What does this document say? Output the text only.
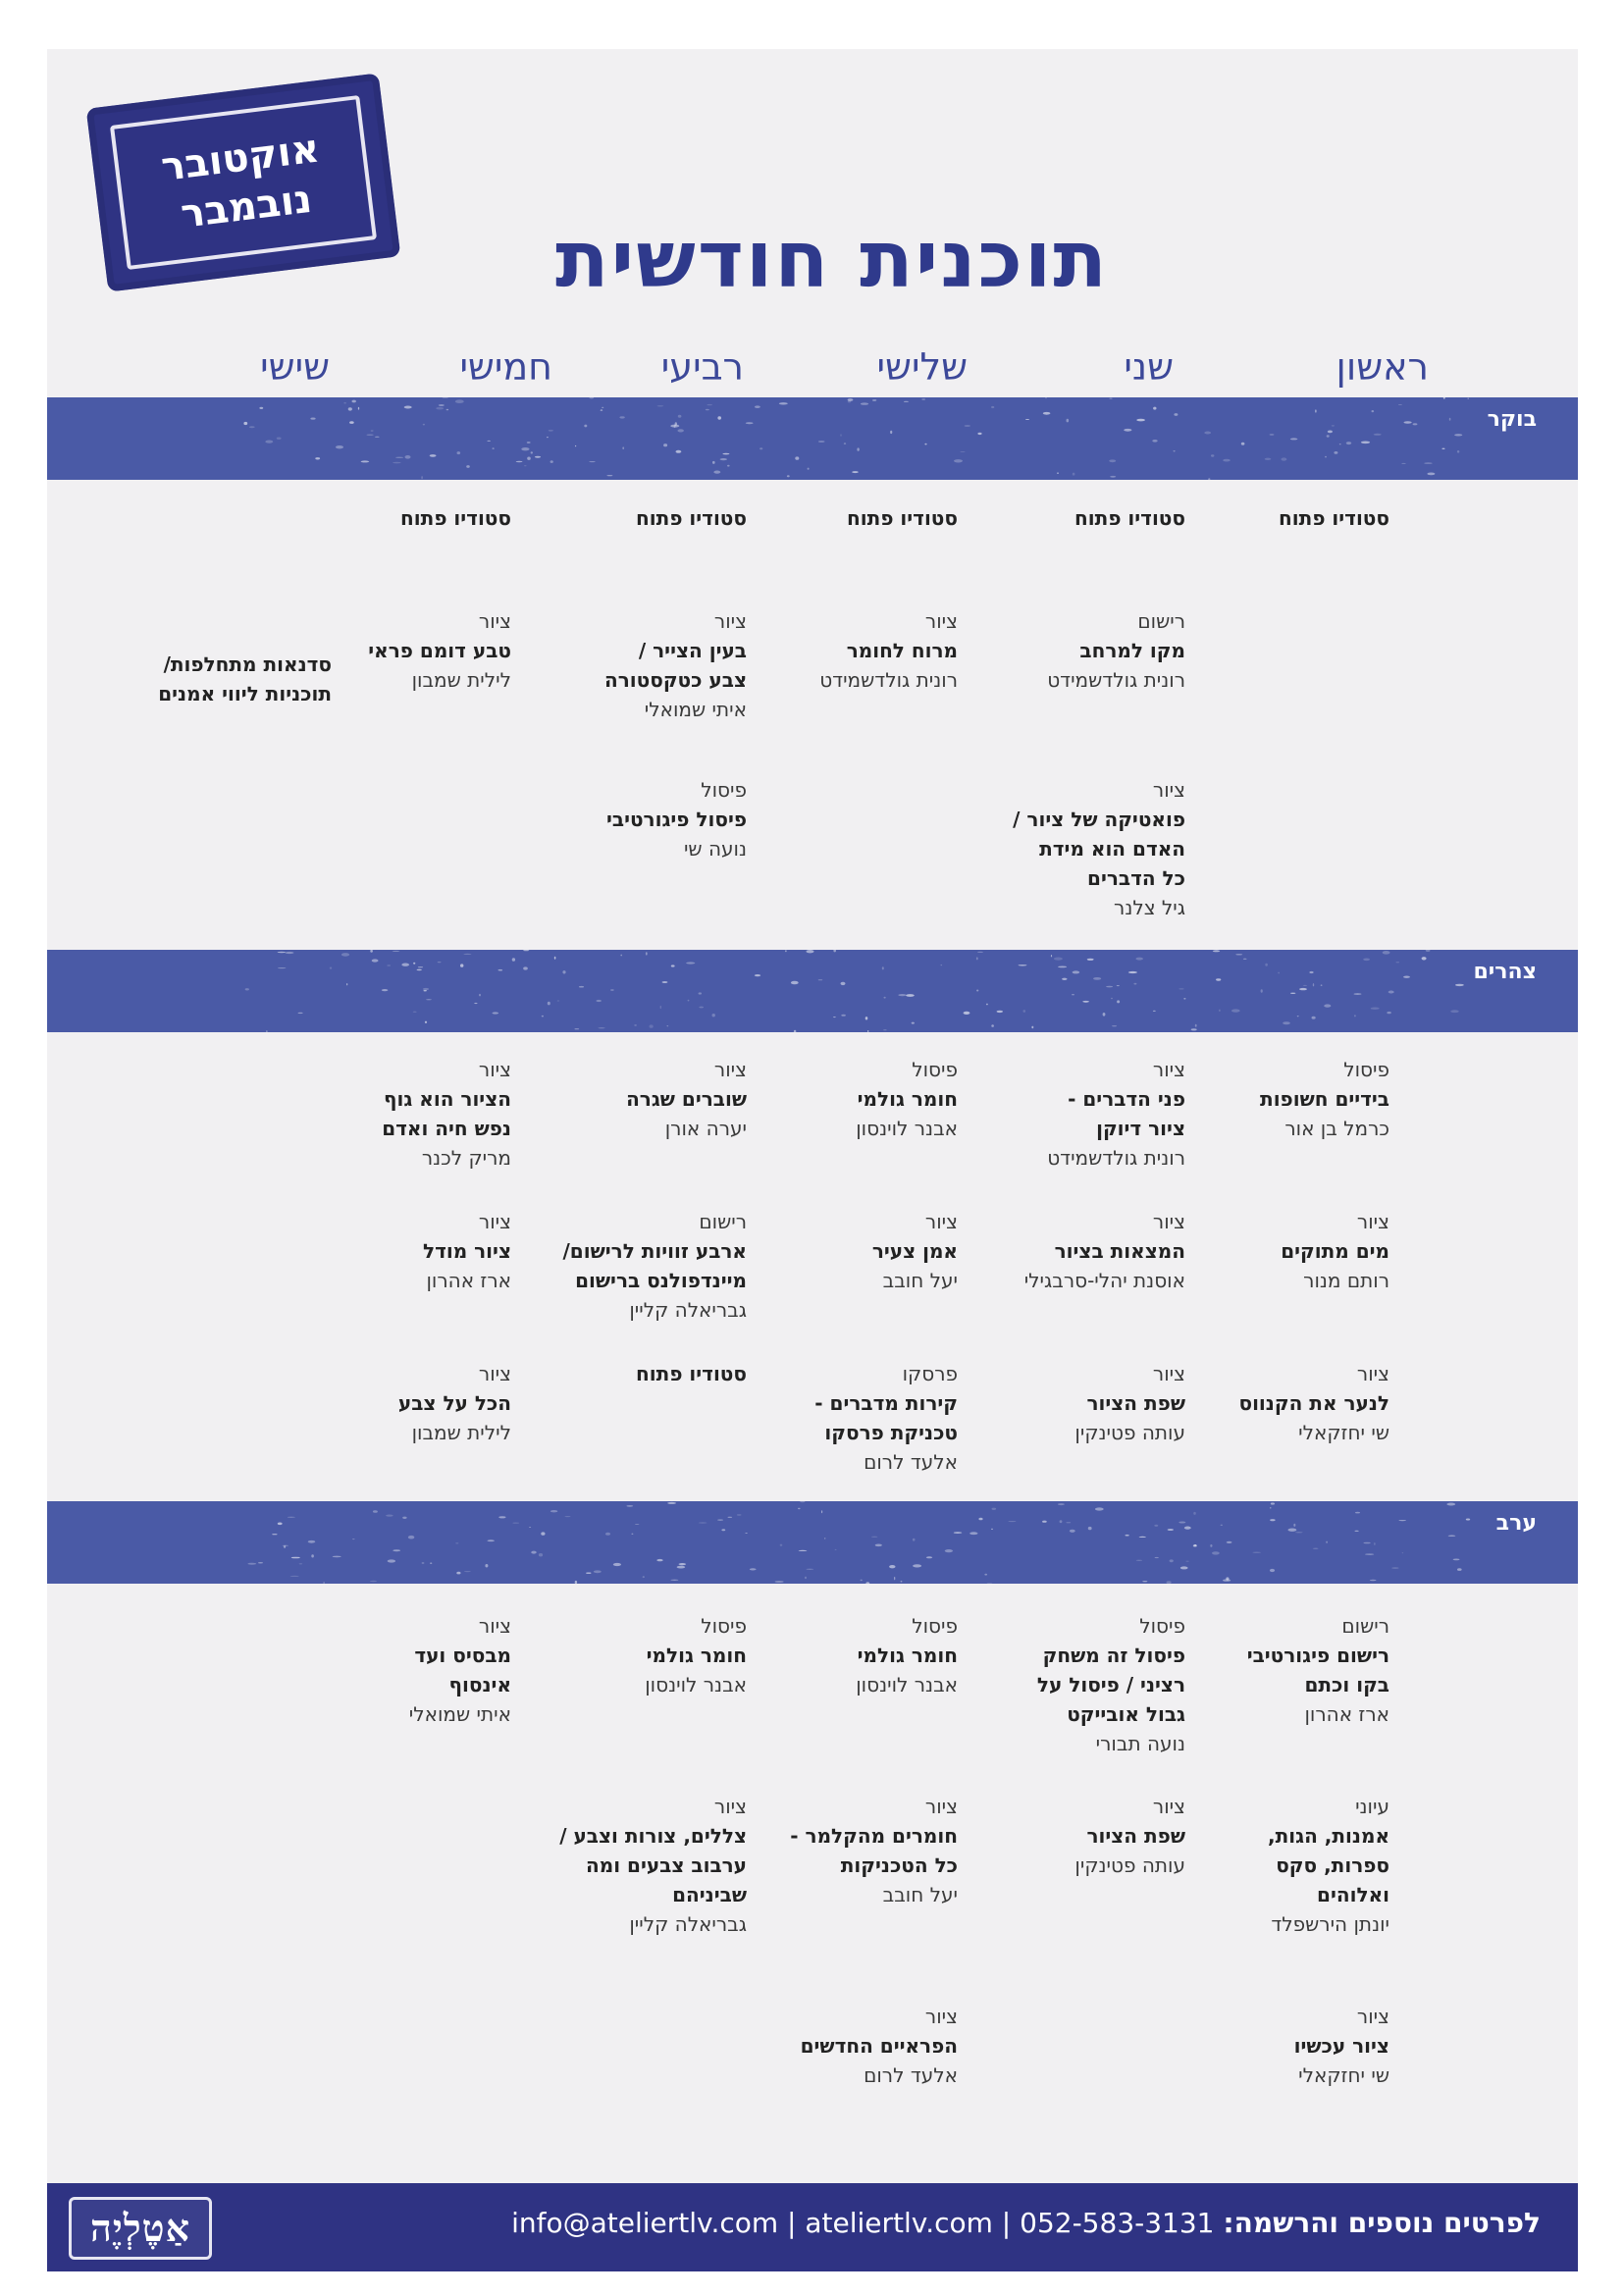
אוקטובר
נובמבר
תוכנית חודשית
ראשון
שני
שלישי
רביעי
חמישי
שישי
בוקר
צהרים
ערב
סטודיו פתוח
סטודיו פתוח
סטודיו פתוח
סטודיו פתוח
סטודיו פתוח
רישום
מקו למרחב
רונית גולדשמידט
ציור
מרוח לחומר
רונית גולדשמידט
ציור
בעין הצייר /
צבע כטקסטורה
איתי שמואלי
ציור
טבע דומם פראי
לילית שמבון
סדנאות מתחלפות/
תוכניות ליווי אמנים
ציור
פואטיקה של ציור /
האדם הוא מידת
כל הדברים
גיל צלנר
פיסול
פיסול פיגורטיבי
נועה שי
פיסול
בידיים חשופות
כרמל בן אור
ציור
פני הדברים -
ציור דיוקן
רונית גולדשמידט
פיסול
חומר גולמי
אבנר לוינסון
ציור
שוברים שגרה
יערה אורן
ציור
הציור הוא גוף
נפש חיה ואדם
מריק לכנר
ציור
מים מתוקים
רותם מנור
ציור
המצאות בציור
אוסנת יהלי-סרבגילי
ציור
אמן צעיר
יעל חובב
רישום
ארבע זוויות לרישום/
מיינדפולנס ברישום
גבריאלה קליין
ציור
ציור מודל
ארז אהרון
ציור
לנער את הקנווס
שי יחזקאלי
ציור
שפת הציור
עותה פטינקין
פרסקו
קירות מדברים -
טכניקת פרסקו
אלעד לרום
סטודיו פתוח
ציור
הכל על צבע
לילית שמבון
רישום
רישום פיגורטיבי
בקו וכתם
ארז אהרון
פיסול
פיסול זה משחק
רציני / פיסול על
גבול אובייקט
נועה תבורי
פיסול
חומר גולמי
אבנר לוינסון
פיסול
חומר גולמי
אבנר לוינסון
ציור
מבסיס ועד
אינסוף
איתי שמואלי
עיוני
אמנות, הגות,
ספרות, סקס
ואלוהים
יונתן הירשפלד
ציור
שפת הציור
עותה פטינקין
ציור
חומרים מהקלמר -
כל הטכניקות
יעל חובב
ציור
צללים, צורות וצבע /
ערבוב צבעים ומה
שביניהם
גבריאלה קליין
ציור
ציור עכשיו
שי יחזקאלי
ציור
הפראיים החדשים
אלעד לרום
לפרטים נוספים והרשמה: info@ateliertlv.com | ateliertlv.com | 052-583-3131
אַטֶלְיֶה
